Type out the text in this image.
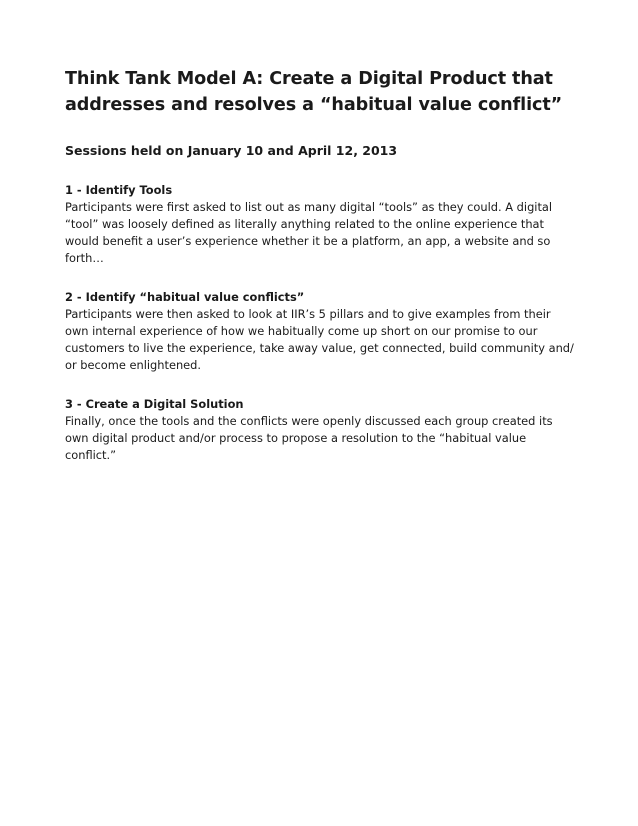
Think Tank Model A: Create a Digital Product that addresses and resolves a “habitual value conflict”

Sessions held on January 10 and April 12, 2013

1 - Identify Tools

Participants were first asked to list out as many digital “tools” as they could. A digital “tool” was loosely defined as literally anything related to the online experience that would benefit a user’s experience whether it be a platform, an app, a website and so forth…

2 - Identify “habitual value conflicts”

Participants were then asked to look at IIR’s 5 pillars and to give examples from their own internal experience of how we habitually come up short on our promise to our customers to live the experience, take away value, get connected, build community and/ or become enlightened.

3 - Create a Digital Solution

Finally, once the tools and the conflicts were openly discussed each group created its own digital product and/or process to propose a resolution to the “habitual value conflict.”
